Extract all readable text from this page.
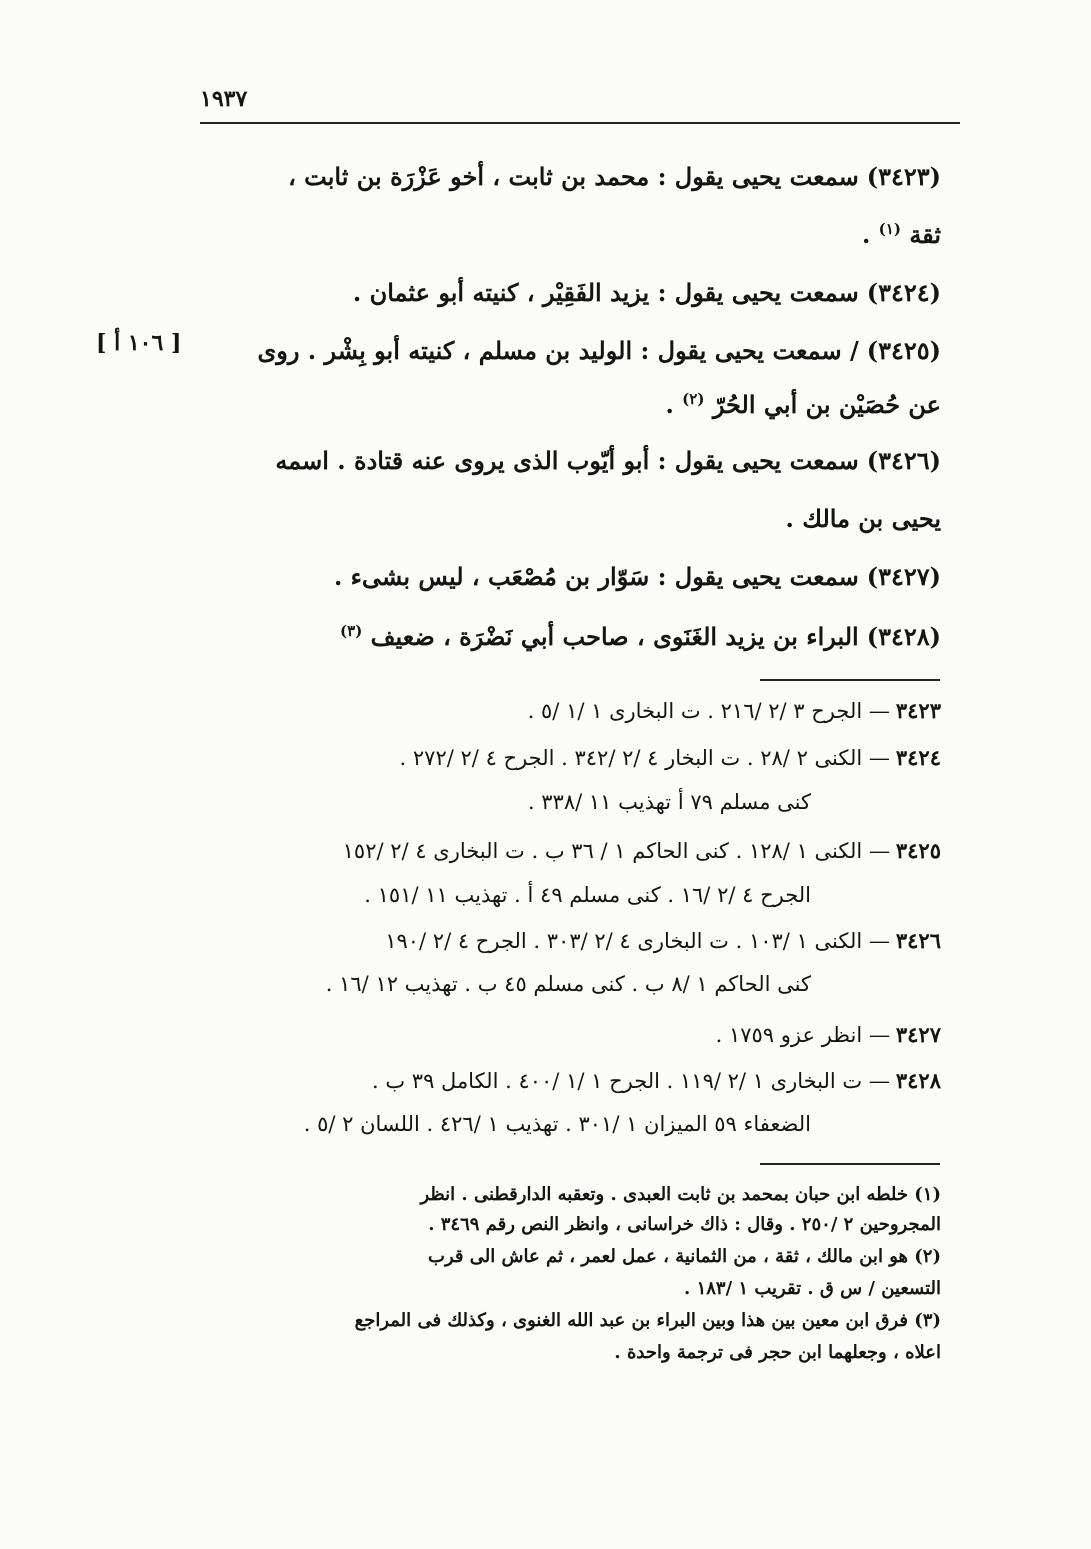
١٩٣٧
[ ١٠٦ أ ]
(٣٤٢٣)سمعت يحيى يقول : محمد بن ثابت ، أخو عَزْرَة بن ثابت ،
ثقة $^{(١)}$ .
(٣٤٢٤)سمعت يحيى يقول : يزيد الفَقِيْر ، كنيته أبو عثمان .
(٣٤٢٥)/ سمعت يحيى يقول : الوليد بن مسلم ، كنيته أبو بِشْر . روى
عن حُصَيْن بن أبي الحُرّ $^{(٢)}$ .
(٣٤٢٦)سمعت يحيى يقول : أبو أيّوب الذى يروى عنه قتادة . اسمه
يحيى بن مالك .
(٣٤٢٧)سمعت يحيى يقول : سَوّار بن مُصْعَب ، ليس بشىء .
(٣٤٢٨)البراء بن يزيد الغَنَوى ، صاحب أبي نَضْرَة ، ضعيف $^{(٣)}$
٣٤٢٣— الجرح ٣ /٢ /٢١٦ . ت البخارى ١ /١ /٥ .
٣٤٢٤— الكنى ٢ /٢٨ . ت البخار ٤ /٢ /٣٤٢ . الجرح ٤ /٢ /٢٧٢ .
كنى مسلم ٧٩ أ تهذيب ١١ /٣٣٨ .
٣٤٢٥— الكنى ١ /١٢٨ . كنى الحاكم ١ / ٣٦ ب . ت البخارى ٤ /٢ /١٥٢
الجرح ٤ /٢ /١٦ . كنى مسلم ٤٩ أ . تهذيب ١١ /١٥١ .
٣٤٢٦— الكنى ١ /١٠٣ . ت البخارى ٤ /٢ /٣٠٣ . الجرح ٤ /٢ /١٩٠
كنى الحاكم ١ /٨ ب . كنى مسلم ٤٥ ب . تهذيب ١٢ /١٦ .
٣٤٢٧— انظر عزو ١٧٥٩ .
٣٤٢٨— ت البخارى ١ /٢ /١١٩ . الجرح ١ /١ /٤٠٠ . الكامل ٣٩ ب .
الضعفاء ٥٩ الميزان ١ /٣٠١ . تهذيب ١ /٤٢٦ . اللسان ٢ /٥ .
(١) خلطه ابن حبان بمحمد بن ثابت العبدى . وتعقبه الدارقطنى . انظر
المجروحين ٢ /٢٥٠ . وقال : ذاك خراسانى ، وانظر النص رقم ٣٤٦٩ .
(٢) هو ابن مالك ، ثقة ، من الثمانية ، عمل لعمر ، ثم عاش الى قرب
التسعين / س ق . تقريب ١ /١٨٣ .
(٣) فرق ابن معين بين هذا وبين البراء بن عبد الله الغنوى ، وكذلك فى المراجع
اعلاه ، وجعلهما ابن حجر فى ترجمة واحدة .
